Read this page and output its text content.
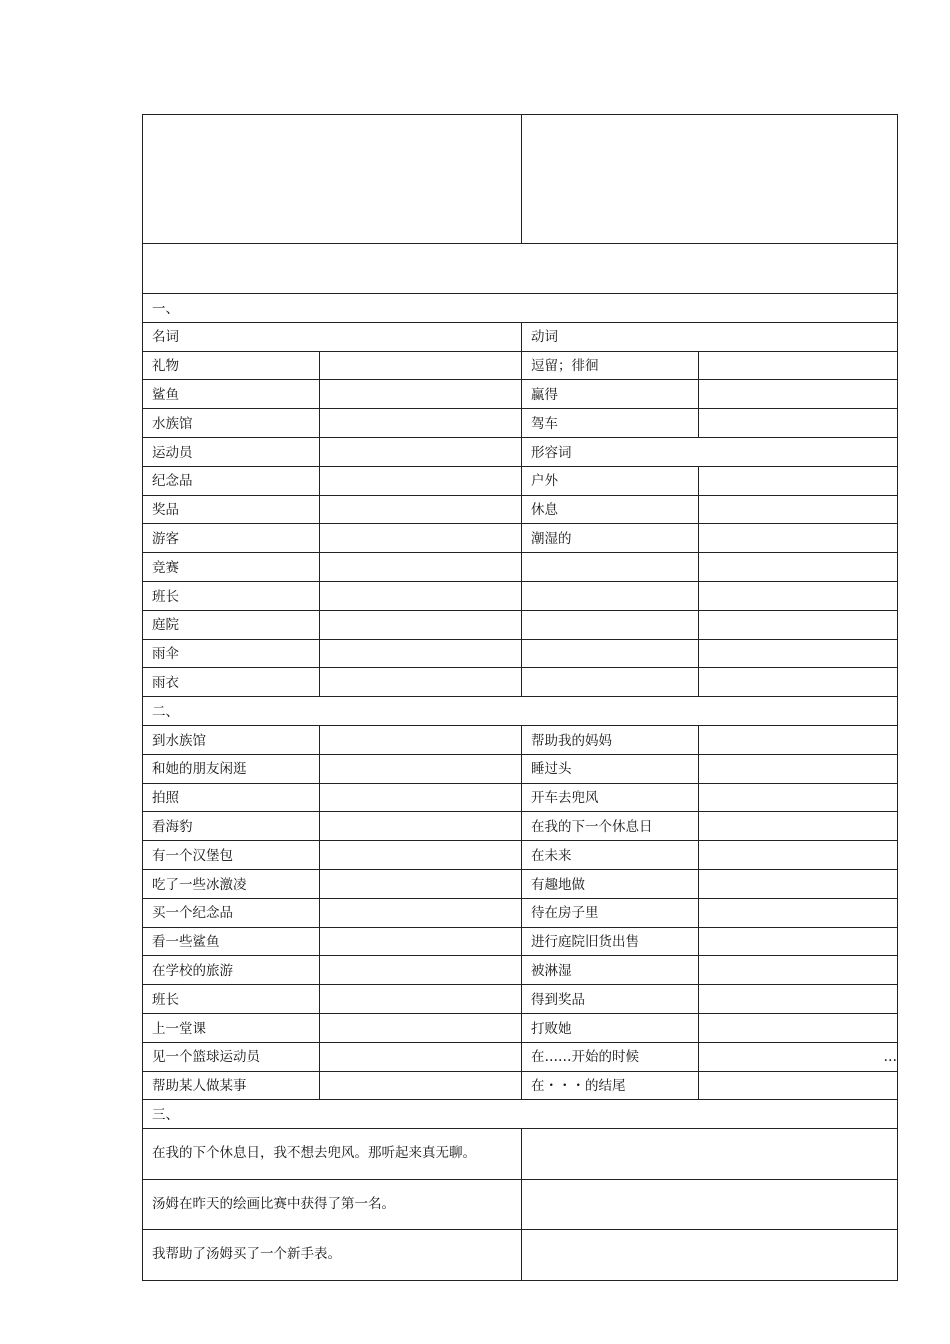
一、			
名词		动词	
礼物		逗留；徘徊	
鲨鱼		赢得	
水族馆		驾车	
运动员		形容词	
纪念品		户外	
奖品		休息	
游客		潮湿的	
竞赛			
班长			
庭院			
雨伞			
雨衣			
二、			
到水族馆		帮助我的妈妈	
和她的朋友闲逛		睡过头	
拍照		开车去兜风	
看海豹		在我的下一个休息日	
有一个汉堡包		在未来	
吃了一些冰激凌		有趣地做	
买一个纪念品		待在房子里	
看一些鲨鱼		进行庭院旧货出售	
在学校的旅游		被淋湿	
班长		得到奖品	
上一堂课		打败她	
见一个篮球运动员		在……开始的时候	…
帮助某人做某事		在・・・的结尾	
三、			
在我的下个休息日，我不想去兜风。那听起来真无聊。			
汤姆在昨天的绘画比赛中获得了第一名。			
我帮助了汤姆买了一个新手表。			
